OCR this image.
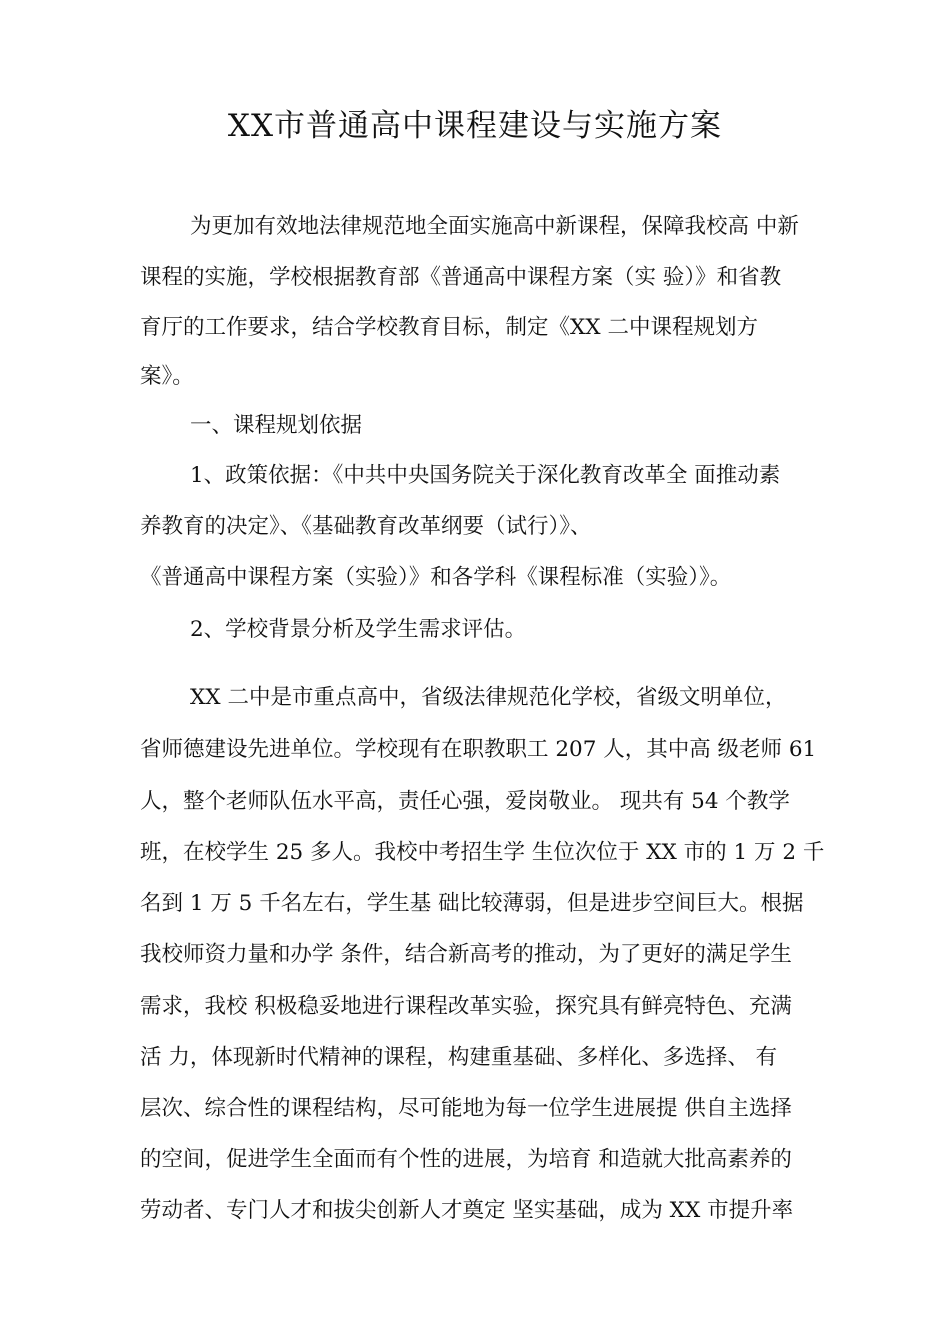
XX市普通高中课程建设与实施方案

为更加有效地法律规范地全面实施高中新课程，保障我校高 中新

课程的实施，学校根据教育部《普通高中课程方案（实 验）》和省教

育厅的工作要求，结合学校教育目标，制定《XX 二中课程规划方

案》。

一、课程规划依据

1、政策依据：《中共中央国务院关于深化教育改革全 面推动素

养教育的决定》、《基础教育改革纲要（试行）》、

《普通高中课程方案（实验）》和各学科《课程标准（实验）》。

2、学校背景分析及学生需求评估。

XX 二中是市重点高中，省级法律规范化学校，省级文明单位，

省师德建设先进单位。学校现有在职教职工 207 人，其中高 级老师 61

人，整个老师队伍水平高，责任心强，爱岗敬业。 现共有 54 个教学

班，在校学生 25 多人。我校中考招生学 生位次位于 XX 市的 1 万 2 千

名到 1 万 5 千名左右，学生基 础比较薄弱，但是进步空间巨大。根据

我校师资力量和办学 条件，结合新高考的推动，为了更好的满足学生

需求，我校 积极稳妥地进行课程改革实验，探究具有鲜亮特色、充满

活 力，体现新时代精神的课程，构建重基础、多样化、多选择、 有

层次、综合性的课程结构，尽可能地为每一位学生进展提 供自主选择

的空间，促进学生全面而有个性的进展，为培育 和造就大批高素养的

劳动者、专门人才和拔尖创新人才奠定 坚实基础，成为 XX 市提升率
